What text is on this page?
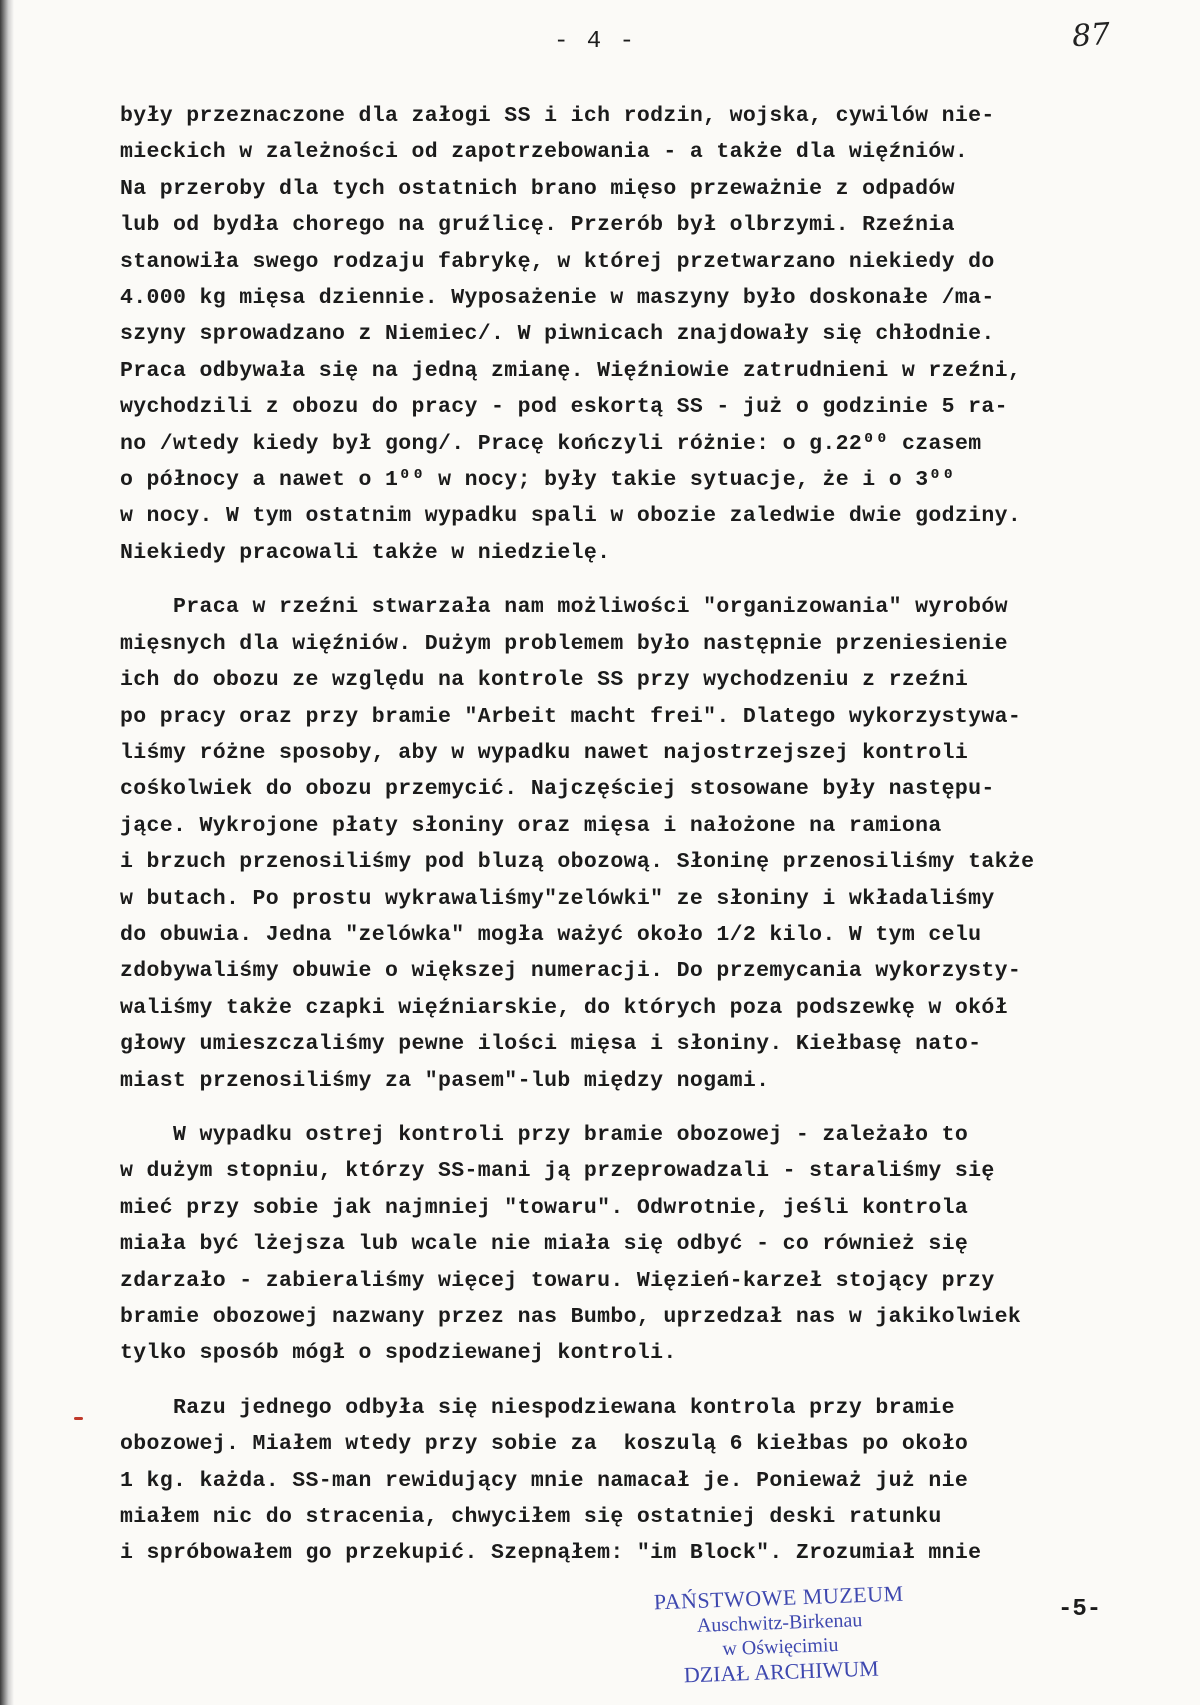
- 4 -	87
były przeznaczone dla załogi SS i ich rodzin, wojska, cywilów nie-
mieckich w zależności od zapotrzebowania - a także dla więźniów.
Na przeroby dla tych ostatnich brano mięso przeważnie z odpadów
lub od bydła chorego na gruźlicę. Przerób był olbrzymi. Rzeźnia
stanowiła swego rodzaju fabrykę, w której przetwarzano niekiedy do
4.000 kg mięsa dziennie. Wyposażenie w maszyny było doskonałe /ma-
szyny sprowadzano z Niemiec/. W piwnicach znajdowały się chłodnie.
Praca odbywała się na jedną zmianę. Więźniowie zatrudnieni w rzeźni,
wychodzili z obozu do pracy - pod eskortą SS - już o godzinie 5 ra-
no /wtedy kiedy był gong/. Pracę kończyli różnie: o g.22⁰⁰ czasem
o północy a nawet o 1⁰⁰ w nocy; były takie sytuacje, że i o 3⁰⁰
w nocy. W tym ostatnim wypadku spali w obozie zaledwie dwie godziny.
Niekiedy pracowali także w niedzielę.
Praca w rzeźni stwarzała nam możliwości "organizowania" wyrobów
mięsnych dla więźniów. Dużym problemem było następnie przeniesienie
ich do obozu ze względu na kontrole SS przy wychodzeniu z rzeźni
po pracy oraz przy bramie "Arbeit macht frei". Dlatego wykorzystywa-
liśmy różne sposoby, aby w wypadku nawet najostrzejszej kontroli
cośkolwiek do obozu przemycić. Najczęściej stosowane były następu-
jące. Wykrojone płaty słoniny oraz mięsa i nałożone na ramiona
i brzuch przenosiliśmy pod bluzą obozową. Słoninę przenosiliśmy także
w butach. Po prostu wykrawaliśmy"zelówki" ze słoniny i wkładaliśmy
do obuwia. Jedna "zelówka" mogła ważyć około 1/2 kilo. W tym celu
zdobywaliśmy obuwie o większej numeracji. Do przemycania wykorzysty-
waliśmy także czapki więźniarskie, do których poza podszewkę w okół
głowy umieszczaliśmy pewne ilości mięsa i słoniny. Kiełbasę nato-
miast przenosiliśmy za "pasem"-lub między nogami.
W wypadku ostrej kontroli przy bramie obozowej - zależało to
w dużym stopniu, którzy SS-mani ją przeprowadzali - staraliśmy się
mieć przy sobie jak najmniej "towaru". Odwrotnie, jeśli kontrola
miała być lżejsza lub wcale nie miała się odbyć - co również się
zdarzało - zabieraliśmy więcej towaru. Więzień-karzeł stojący przy
bramie obozowej nazwany przez nas Bumbo, uprzedzał nas w jakikolwiek
tylko sposób mógł o spodziewanej kontroli.
Razu jednego odbyła się niespodziewana kontrola przy bramie
obozowej. Miałem wtedy przy sobie za  koszulą 6 kiełbas po około
1 kg. każda. SS-man rewidujący mnie namacał je. Ponieważ już nie
miałem nic do stracenia, chwyciłem się ostatniej deski ratunku
i spróbowałem go przekupić. Szepnąłem: "im Block". Zrozumiał mnie
PAŃSTWOWE MUZEUM
Auschwitz-Birkenau
w Oświęcimiu
DZIAŁ ARCHIWUM
-5-
